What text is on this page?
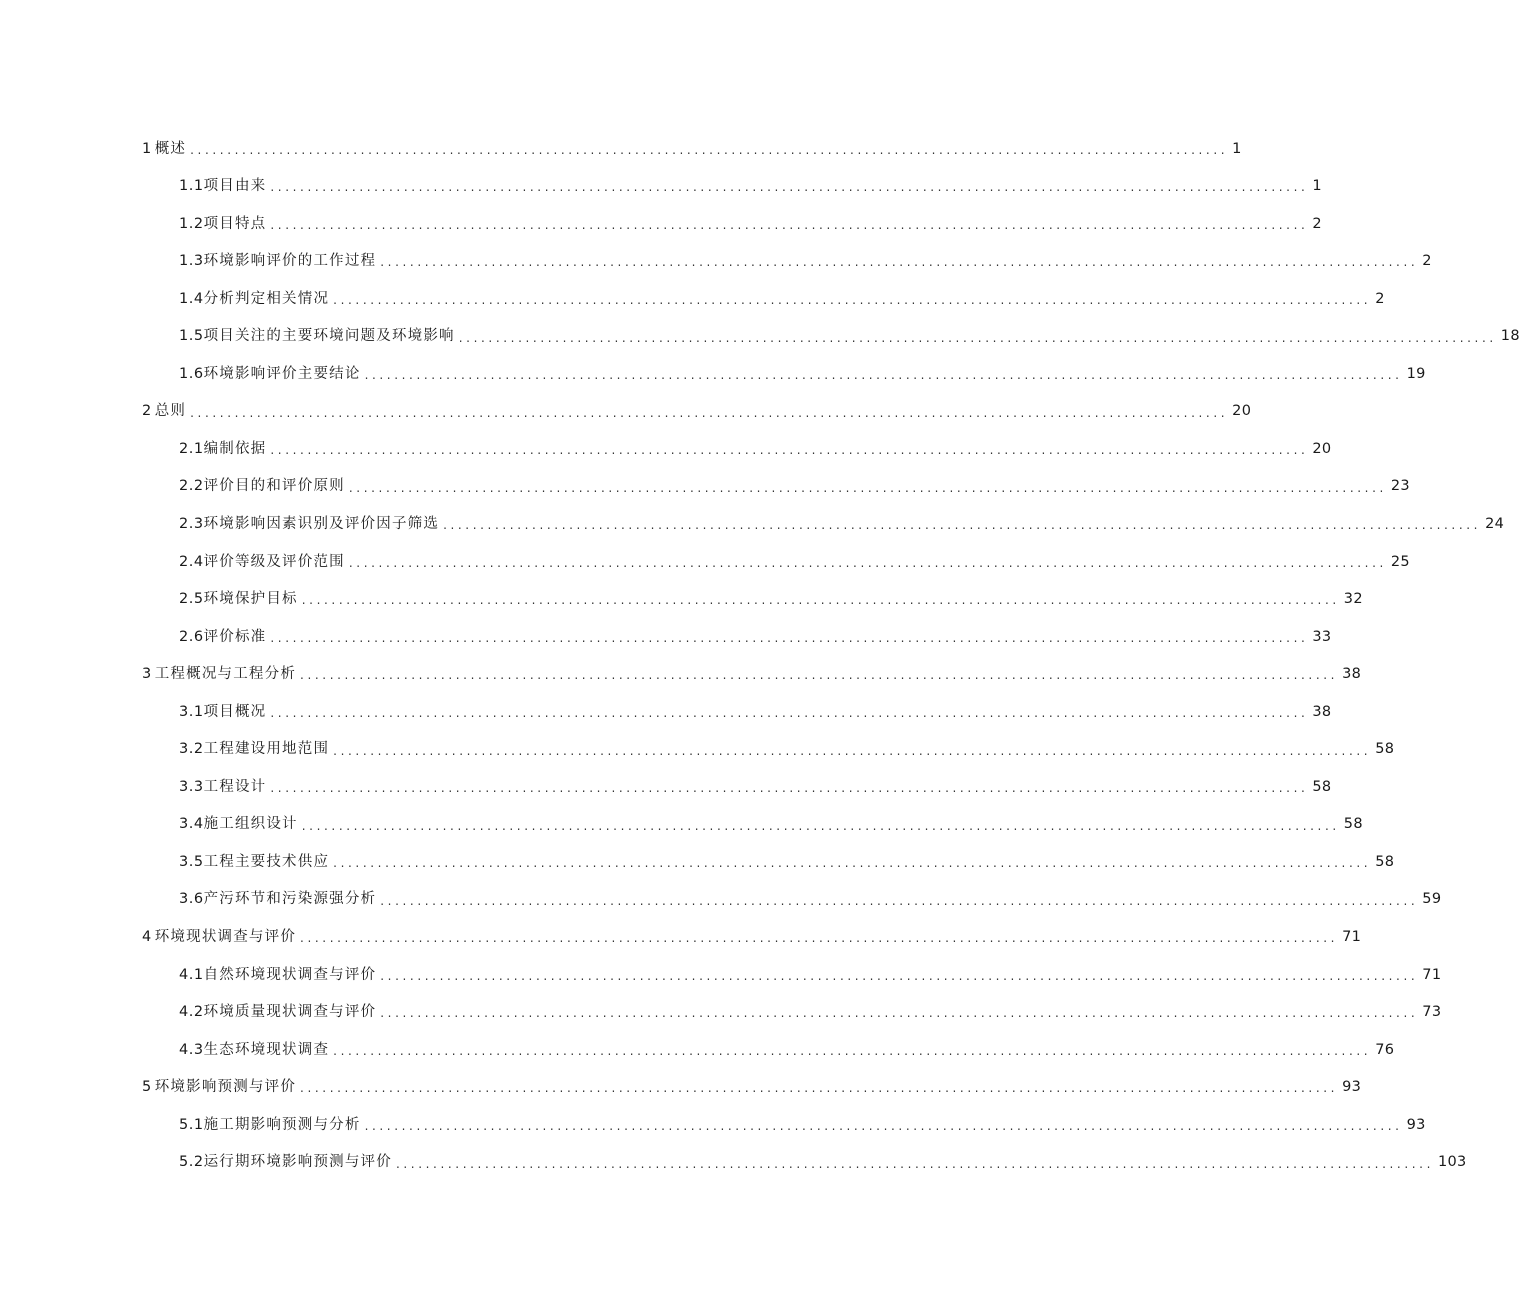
1 概述 ............................................................................................................................................ 1
1.1 项目由来 ............................................................................................................................................ 1
1.2 项目特点 ............................................................................................................................................ 2
1.3 环境影响评价的工作过程 ............................................................................................................................................ 2
1.4 分析判定相关情况 ............................................................................................................................................ 2
1.5 项目关注的主要环境问题及环境影响 ............................................................................................................................................ 18
1.6 环境影响评价主要结论 ............................................................................................................................................ 19
2 总则 ............................................................................................................................................ 20
2.1 编制依据 ............................................................................................................................................ 20
2.2 评价目的和评价原则 ............................................................................................................................................ 23
2.3 环境影响因素识别及评价因子筛选 ............................................................................................................................................ 24
2.4 评价等级及评价范围 ............................................................................................................................................ 25
2.5 环境保护目标 ............................................................................................................................................ 32
2.6 评价标准 ............................................................................................................................................ 33
3 工程概况与工程分析 ............................................................................................................................................ 38
3.1 项目概况 ............................................................................................................................................ 38
3.2 工程建设用地范围 ............................................................................................................................................ 58
3.3 工程设计 ............................................................................................................................................ 58
3.4 施工组织设计 ............................................................................................................................................ 58
3.5 工程主要技术供应 ............................................................................................................................................ 58
3.6 产污环节和污染源强分析 ............................................................................................................................................ 59
4 环境现状调查与评价 ............................................................................................................................................ 71
4.1 自然环境现状调查与评价 ............................................................................................................................................ 71
4.2 环境质量现状调查与评价 ............................................................................................................................................ 73
4.3 生态环境现状调查 ............................................................................................................................................ 76
5 环境影响预测与评价 ............................................................................................................................................ 93
5.1 施工期影响预测与分析 ............................................................................................................................................ 93
5.2 运行期环境影响预测与评价 ............................................................................................................................................ 103
